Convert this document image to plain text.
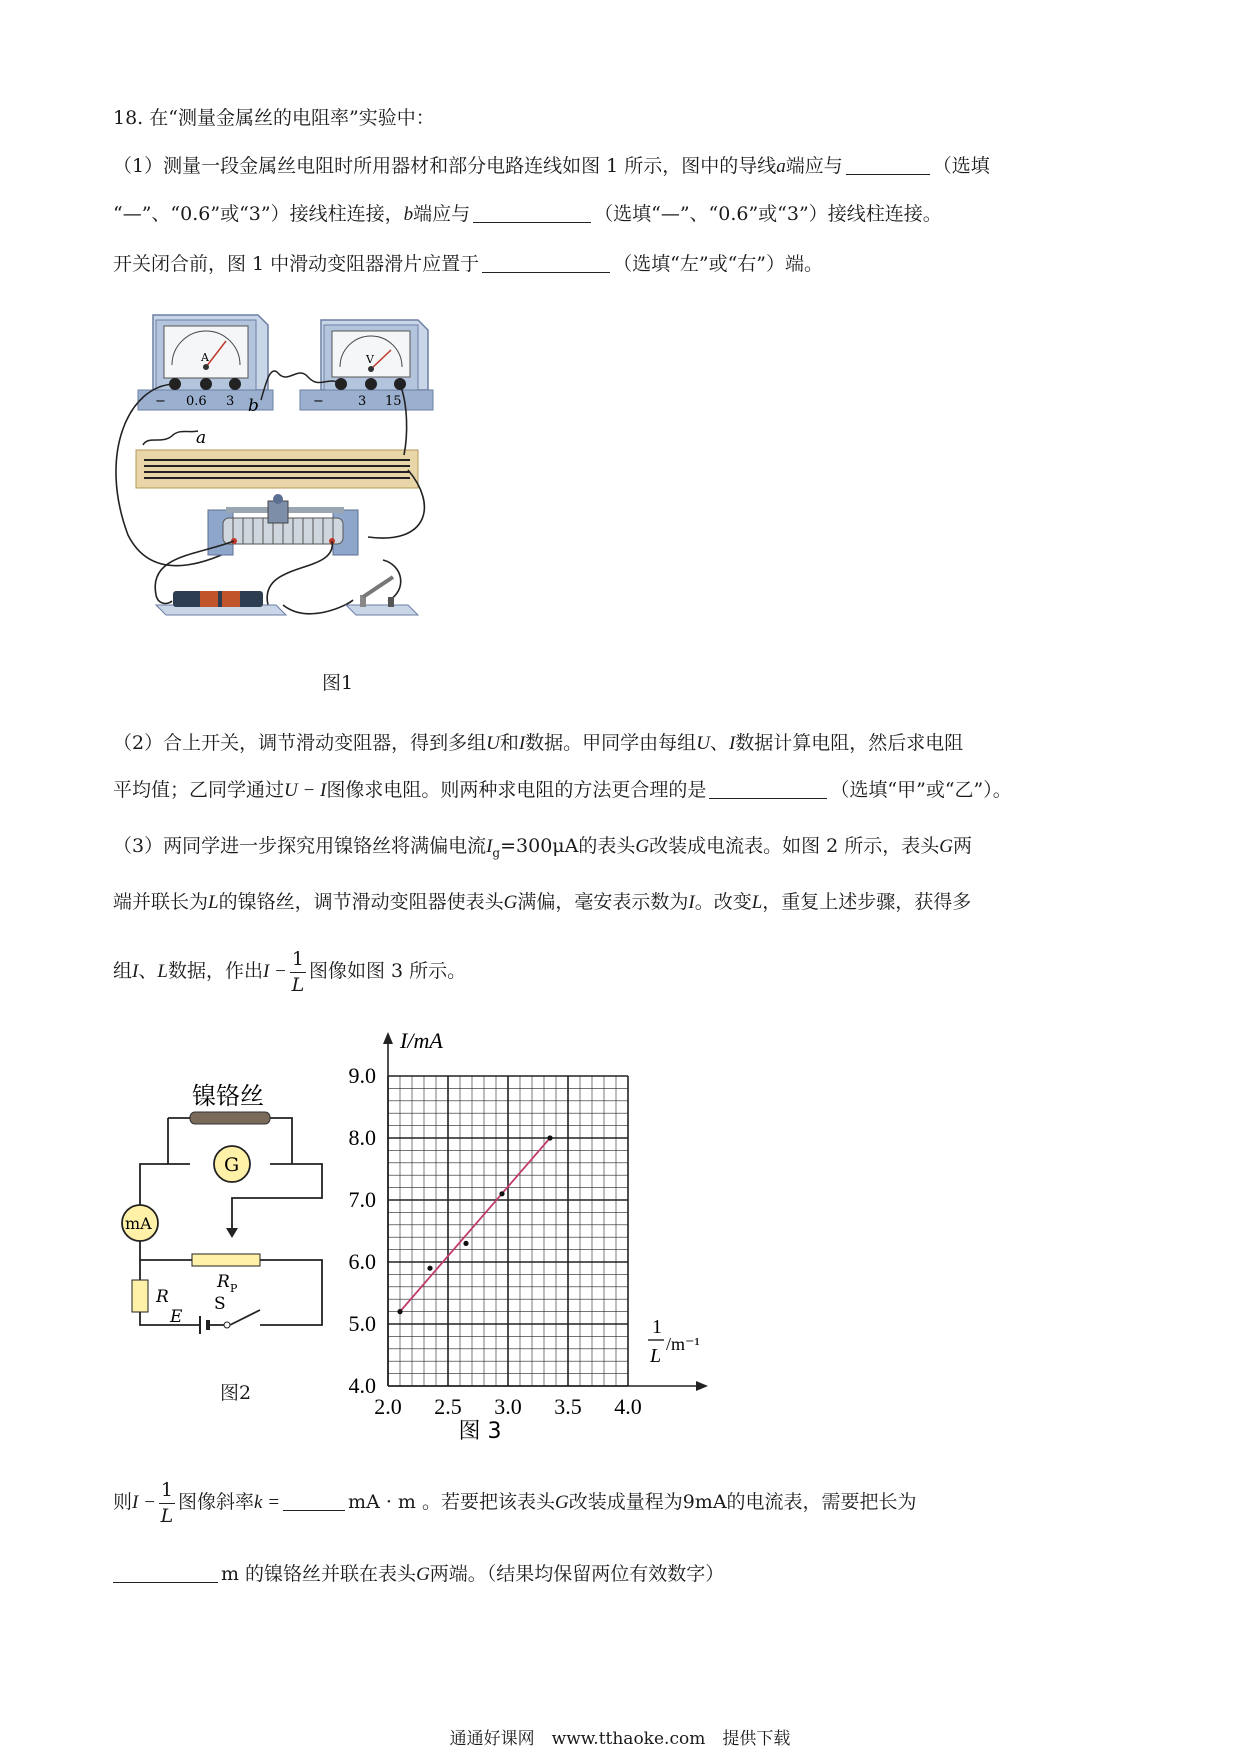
18. 在“测量金属丝的电阻率”实验中：
（1）测量一段金属丝电阻时所用器材和部分电路连线如图 1 所示，图中的导线a端应与	（选填
“—”、“0.6”或“3”）接线柱连接，b端应与	（选填“—”、“0.6”或“3”）接线柱连接。
开关闭合前，图 1 中滑动变阻器滑片应置于	（选填“左”或“右”）端。
A
− 0.6 3
V
−	3 15
b
a
图1
（2）合上开关，调节滑动变阻器，得到多组U和I数据。甲同学由每组U、I数据计算电阻，然后求电阻
平均值；乙同学通过U − I图像求电阻。则两种求电阻的方法更合理的是	（选填“甲”或“乙”）。
（3）两同学进一步探究用镍铬丝将满偏电流$I_g=300\mu A$的表头G改装成电流表。如图 2 所示，表头G两
端并联长为L的镍铬丝，调节滑动变阻器使表头G满偏，毫安表示数为I。改变L，重复上述步骤，获得多
组I、L数据，作出$I - \frac{1}{L}$ 图像如图 3 所示。
镍铬丝
G
mA
R P
R
E
S
图2
I/mA
1
L
/m⁻¹
2.0 2.5 3.0 3.5 4.0
4.0
5.0
6.0
7.0
8.0
9.0
图 3
则$I - \frac{1}{L}$ 图像斜率k =	mA · m 。若要把该表头G改装成量程为9mA的电流表，需要把长为
m 的镍铬丝并联在表头G两端。（结果均保留两位有效数字）
通通好课网　www.tthaoke.com　提供下载
